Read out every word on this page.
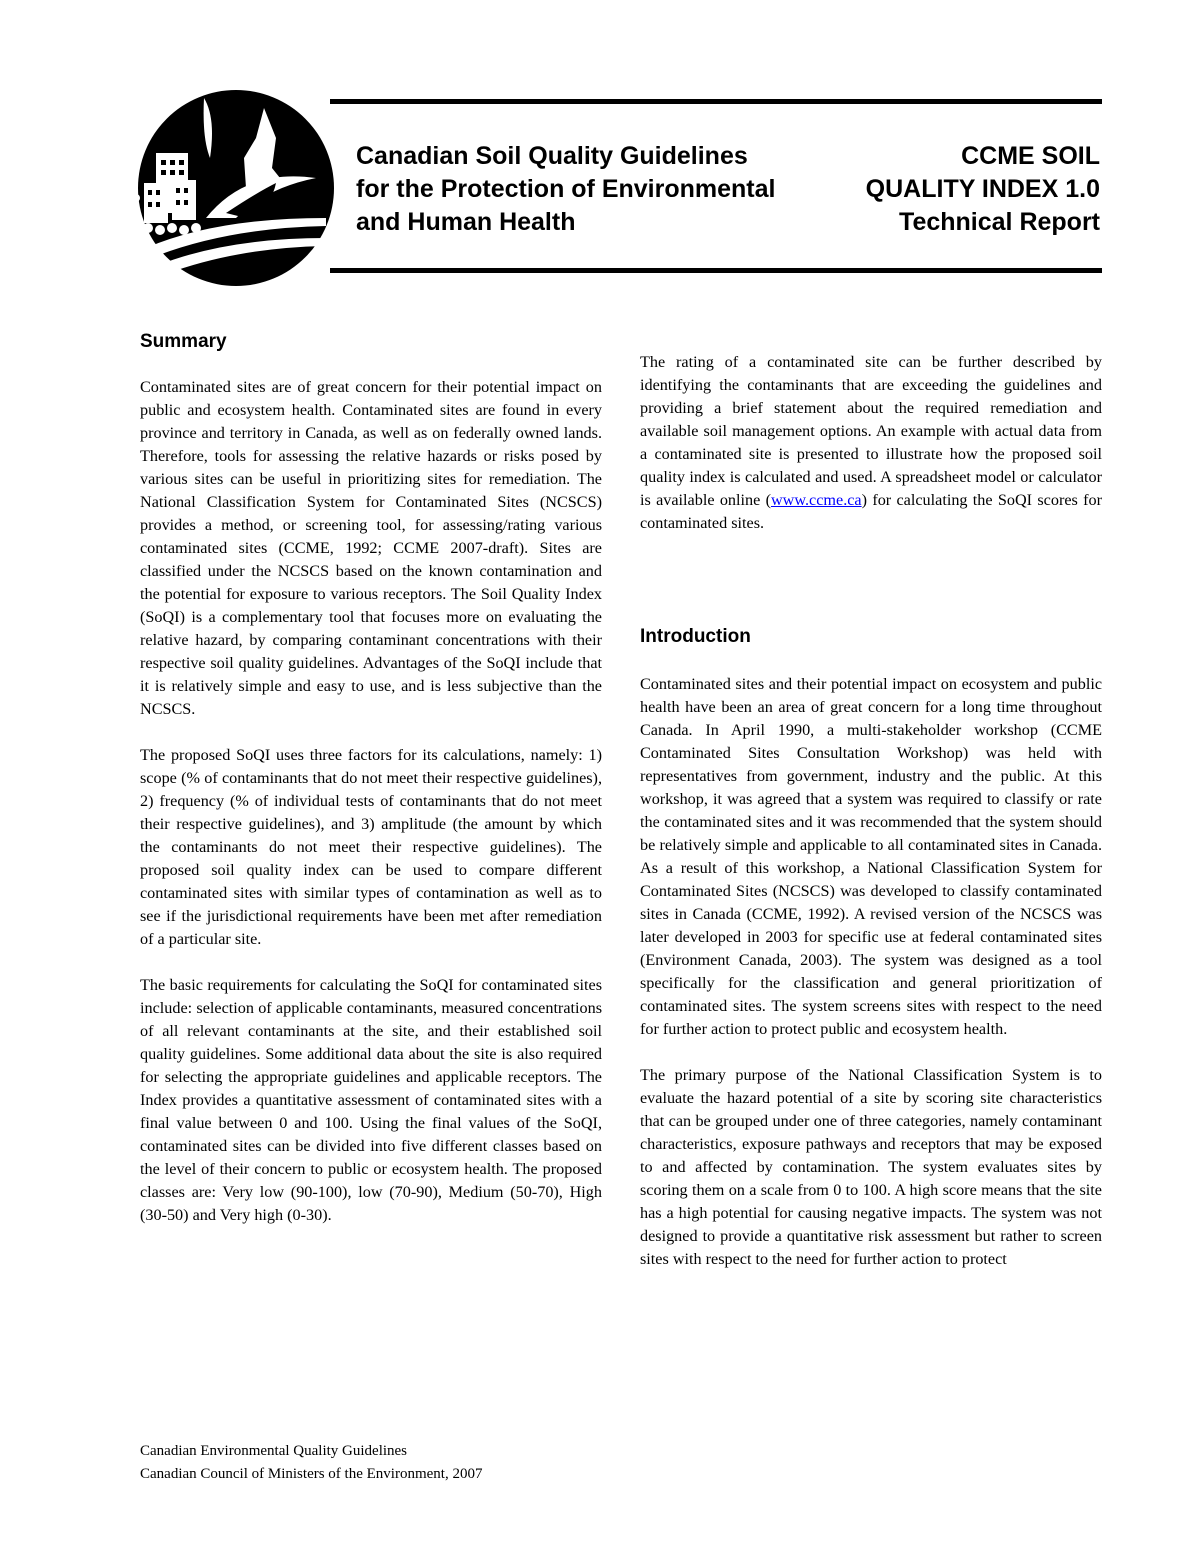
Canadian Soil Quality Guidelines
for the Protection of Environmental
and Human Health
CCME SOIL
QUALITY INDEX 1.0
Technical Report
Summary

Contaminated sites are of great concern for their potential impact on public and ecosystem health. Contaminated sites are found in every province and territory in Canada, as well as on federally owned lands. Therefore, tools for assessing the relative hazards or risks posed by various sites can be useful in prioritizing sites for remediation. The National Classification System for Contaminated Sites (NCSCS) provides a method, or screening tool, for assessing/rating various contaminated sites (CCME, 1992; CCME 2007-draft). Sites are classified under the NCSCS based on the known contamination and the potential for exposure to various receptors. The Soil Quality Index (SoQI) is a complementary tool that focuses more on evaluating the relative hazard, by comparing contaminant concentrations with their respective soil quality guidelines. Advantages of the SoQI include that it is relatively simple and easy to use, and is less subjective than the NCSCS.

The proposed SoQI uses three factors for its calculations, namely: 1) scope (% of contaminants that do not meet their respective guidelines), 2) frequency (% of individual tests of contaminants that do not meet their respective guidelines), and 3) amplitude (the amount by which the contaminants do not meet their respective guidelines). The proposed soil quality index can be used to compare different contaminated sites with similar types of contamination as well as to see if the jurisdictional requirements have been met after remediation of a particular site.

The basic requirements for calculating the SoQI for contaminated sites include: selection of applicable contaminants, measured concentrations of all relevant contaminants at the site, and their established soil quality guidelines. Some additional data about the site is also required for selecting the appropriate guidelines and applicable receptors. The Index provides a quantitative assessment of contaminated sites with a final value between 0 and 100. Using the final values of the SoQI, contaminated sites can be divided into five different classes based on the level of their concern to public or ecosystem health. The proposed classes are: Very low (90-100), low (70-90), Medium (50-70), High (30-50) and Very high (0-30).

The rating of a contaminated site can be further described by identifying the contaminants that are exceeding the guidelines and providing a brief statement about the required remediation and available soil management options. An example with actual data from a contaminated site is presented to illustrate how the proposed soil quality index is calculated and used. A spreadsheet model or calculator is available online (www.ccme.ca) for calculating the SoQI scores for contaminated sites.

Introduction

Contaminated sites and their potential impact on ecosystem and public health have been an area of great concern for a long time throughout Canada. In April 1990, a multi-stakeholder workshop (CCME Contaminated Sites Consultation Workshop) was held with representatives from government, industry and the public. At this workshop, it was agreed that a system was required to classify or rate the contaminated sites and it was recommended that the system should be relatively simple and applicable to all contaminated sites in Canada. As a result of this workshop, a National Classification System for Contaminated Sites (NCSCS) was developed to classify contaminated sites in Canada (CCME, 1992). A revised version of the NCSCS was later developed in 2003 for specific use at federal contaminated sites (Environment Canada, 2003). The system was designed as a tool specifically for the classification and general prioritization of contaminated sites. The system screens sites with respect to the need for further action to protect public and ecosystem health.

The primary purpose of the National Classification System is to evaluate the hazard potential of a site by scoring site characteristics that can be grouped under one of three categories, namely contaminant characteristics, exposure pathways and receptors that may be exposed to and affected by contamination. The system evaluates sites by scoring them on a scale from 0 to 100. A high score means that the site has a high potential for causing negative impacts. The system was not designed to provide a quantitative risk assessment but rather to screen sites with respect to the need for further action to protect

Canadian Environmental Quality Guidelines
Canadian Council of Ministers of the Environment, 2007
